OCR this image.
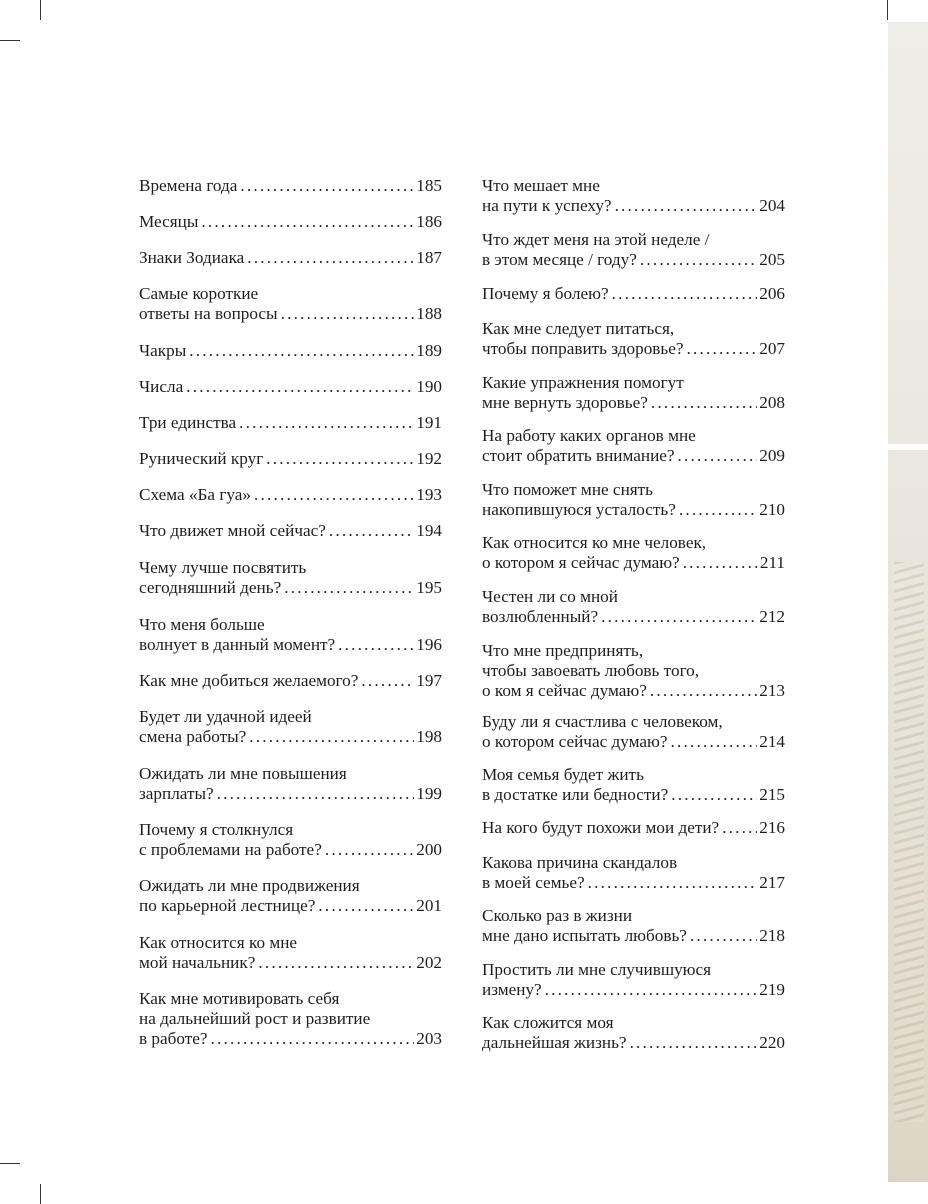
Времена года .....	185
Месяцы .....	186
Знаки Зодиака .....	187
Самые короткие
ответы на вопросы .....	188
Чакры .....	189
Числа .....	190
Три единства .....	191
Рунический круг .....	192
Схема «Ба гуа» .....	193
Что движет мной сейчас? .....	194
Чему лучше посвятить
сегодняшний день? .....	195
Что меня больше
волнует в данный момент? .....	196
Как мне добиться желаемого? .....	197
Будет ли удачной идеей
смена работы? .....	198
Ожидать ли мне повышения
зарплаты? .....	199
Почему я столкнулся
с проблемами на работе? .....	200
Ожидать ли мне продвижения
по карьерной лестнице? .....	201
Как относится ко мне
мой начальник? .....	202
Как мне мотивировать себя
на дальнейший рост и развитие
в работе? .....	203
Что мешает мне
на пути к успеху? .....	204
Что ждет меня на этой неделе /
в этом месяце / году? .....	205
Почему я болею? .....	206
Как мне следует питаться,
чтобы поправить здоровье? .....	207
Какие упражнения помогут
мне вернуть здоровье? .....	208
На работу каких органов мне
стоит обратить внимание? .....	209
Что поможет мне снять
накопившуюся усталость? .....	210
Как относится ко мне человек,
о котором я сейчас думаю? .....	211
Честен ли со мной
возлюбленный? .....	212
Что мне предпринять,
чтобы завоевать любовь того,
о ком я сейчас думаю? .....	213
Буду ли я счастлива с человеком,
о котором сейчас думаю? .....	214
Моя семья будет жить
в достатке или бедности? .....	215
На кого будут похожи мои дети? ..... 216
Какова причина скандалов
в моей семье? .....	217
Сколько раз в жизни
мне дано испытать любовь? .....	218
Простить ли мне случившуюся
измену? .....	219
Как сложится моя
дальнейшая жизнь? .....	220
